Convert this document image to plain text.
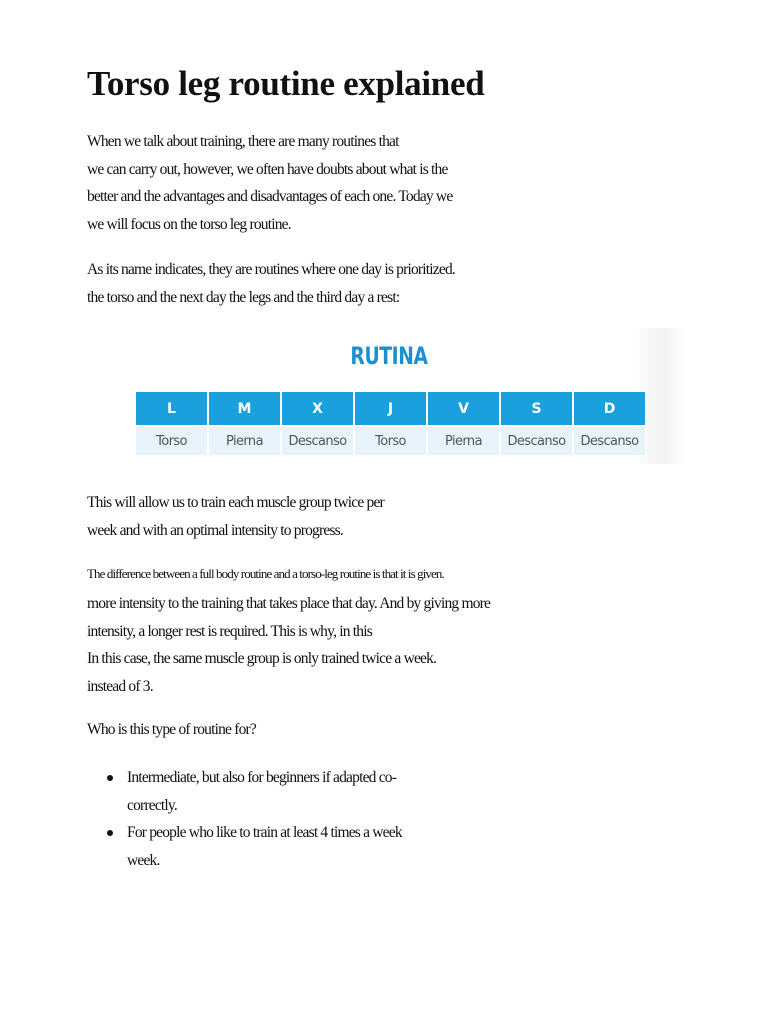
Torso leg routine explained

When we talk about training, there are many routines that
we can carry out, however, we often have doubts about what is the
better and the advantages and disadvantages of each one. Today we
we will focus on the torso leg routine.

As its name indicates, they are routines where one day is prioritized.
the torso and the next day the legs and the third day a rest:

RUTINA
L	M	X	J	V	S	D
Torso	Pierna	Descanso	Torso	Pierna	Descanso	Descanso

This will allow us to train each muscle group twice per
week and with an optimal intensity to progress.

The difference between a full body routine and a torso-leg routine is that it is given.

more intensity to the training that takes place that day. And by giving more
intensity, a longer rest is required. This is why, in this
In this case, the same muscle group is only trained twice a week.
instead of 3.

Who is this type of routine for?

Intermediate, but also for beginners if adapted co-
correctly.
For people who like to train at least 4 times a week
week.
